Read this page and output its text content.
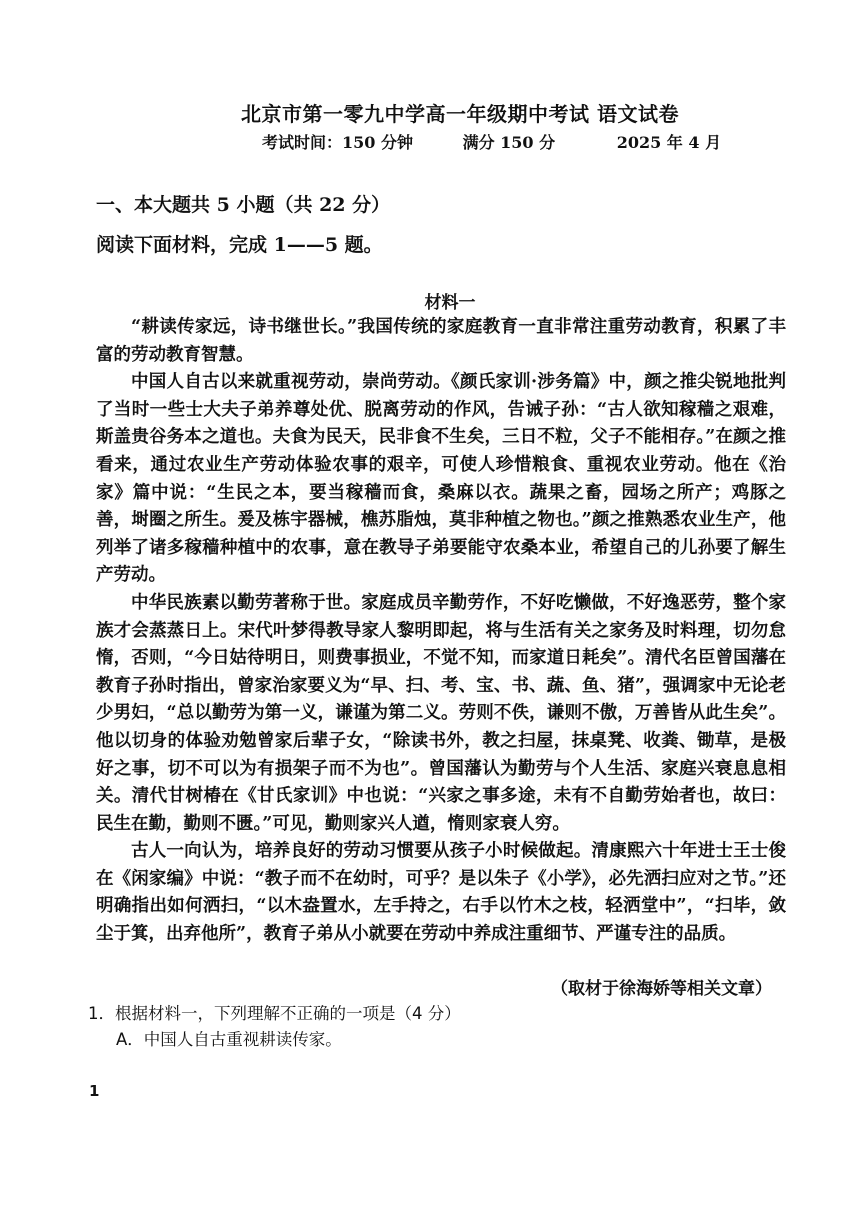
北京市第一零九中学高一年级期中考试 语文试卷
考试时间：150 分钟	满分 150 分	2025 年 4 月
一、本大题共 5 小题（共 22 分）
阅读下面材料，完成 1——5 题。
材料一

“耕读传家远，诗书继世长。”我国传统的家庭教育一直非常注重劳动教育，积累了丰富的劳动教育智慧。

中国人自古以来就重视劳动，崇尚劳动。《颜氏家训·涉务篇》中，颜之推尖锐地批判了当时一些士大夫子弟养尊处优、脱离劳动的作风，告诫子孙：“古人欲知稼穑之艰难，斯盖贵谷务本之道也。夫食为民天，民非食不生矣，三日不粒，父子不能相存。”在颜之推看来，通过农业生产劳动体验农事的艰辛，可使人珍惜粮食、重视农业劳动。他在《治家》篇中说：“生民之本，要当稼穑而食，桑麻以衣。蔬果之畜，园场之所产；鸡豚之善，埘圈之所生。爰及栋宇器械，樵苏脂烛，莫非种植之物也。”颜之推熟悉农业生产，他列举了诸多稼穑种植中的农事，意在教导子弟要能守农桑本业，希望自己的儿孙要了解生产劳动。

中华民族素以勤劳著称于世。家庭成员辛勤劳作，不好吃懒做，不好逸恶劳，整个家族才会蒸蒸日上。宋代叶梦得教导家人黎明即起，将与生活有关之家务及时料理，切勿怠惰，否则，“今日姑待明日，则费事损业，不觉不知，而家道日耗矣”。清代名臣曾国藩在教育子孙时指出，曾家治家要义为“早、扫、考、宝、书、蔬、鱼、猪”，强调家中无论老少男妇，“总以勤劳为第一义，谦谨为第二义。劳则不佚，谦则不傲，万善皆从此生矣”。他以切身的体验劝勉曾家后辈子女，“除读书外，教之扫屋，抹桌凳、收粪、锄草，是极好之事，切不可以为有损架子而不为也”。曾国藩认为勤劳与个人生活、家庭兴衰息息相关。清代甘树椿在《甘氏家训》中也说：“兴家之事多途，未有不自勤劳始者也，故曰：民生在勤，勤则不匮。”可见，勤则家兴人遒，惰则家衰人穷。

古人一向认为，培养良好的劳动习惯要从孩子小时候做起。清康熙六十年进士王士俊在《闲家编》中说：“教子而不在幼时，可乎？是以朱子《小学》，必先洒扫应对之节。”还明确指出如何洒扫，“以木盎置水，左手持之，右手以竹木之枝，轻洒堂中”，“扫毕，敛尘于箕，出弃他所”，教育子弟从小就要在劳动中养成注重细节、严谨专注的品质。

（取材于徐海娇等相关文章）
1．根据材料一，下列理解不正确的一项是（4 分）
A．中国人自古重视耕读传家。
1
